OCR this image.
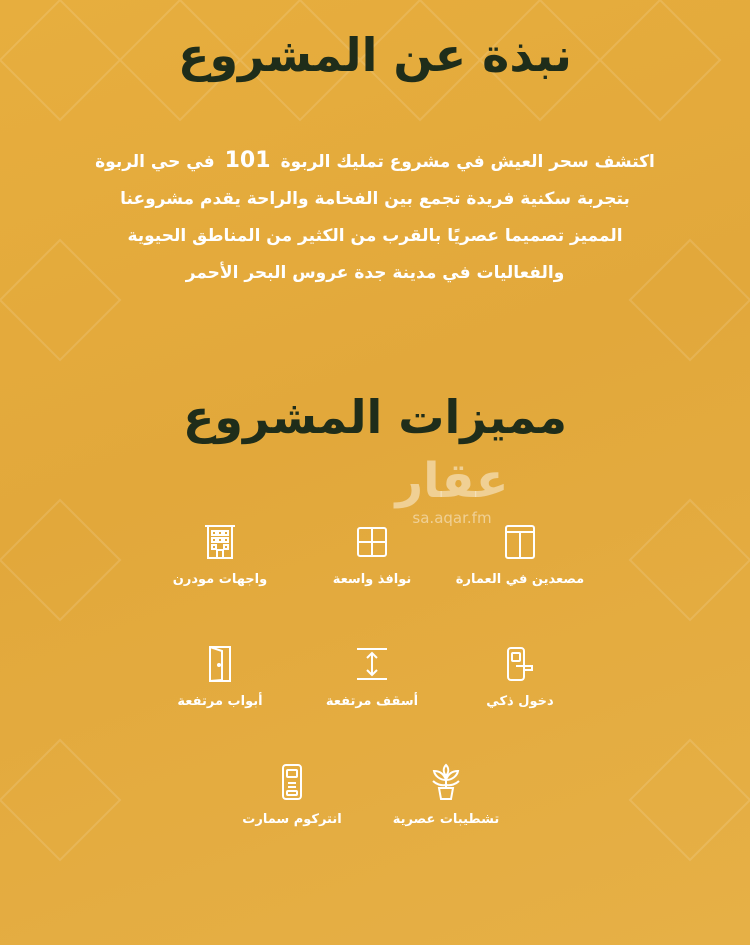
نبذة عن المشروع
اكتشف سحر العيش في مشروع تمليك الربوة101في حي الربوة
بتجربة سكنية فريدة تجمع بين الفخامة والراحة يقدم مشروعنا
المميز تصميما عصريًا بالقرب من الكثير من المناطق الحيوية
والفعاليات في مدينة جدة عروس البحر الأحمر
مميزات المشروع
عقار
sa.aqar.fm
مصعدين في العمارة
نوافذ واسعة
واجهات مودرن
دخول ذكي
أسقف مرتفعة
أبواب مرتفعة
تشطيبات عصرية
انتركوم سمارت
